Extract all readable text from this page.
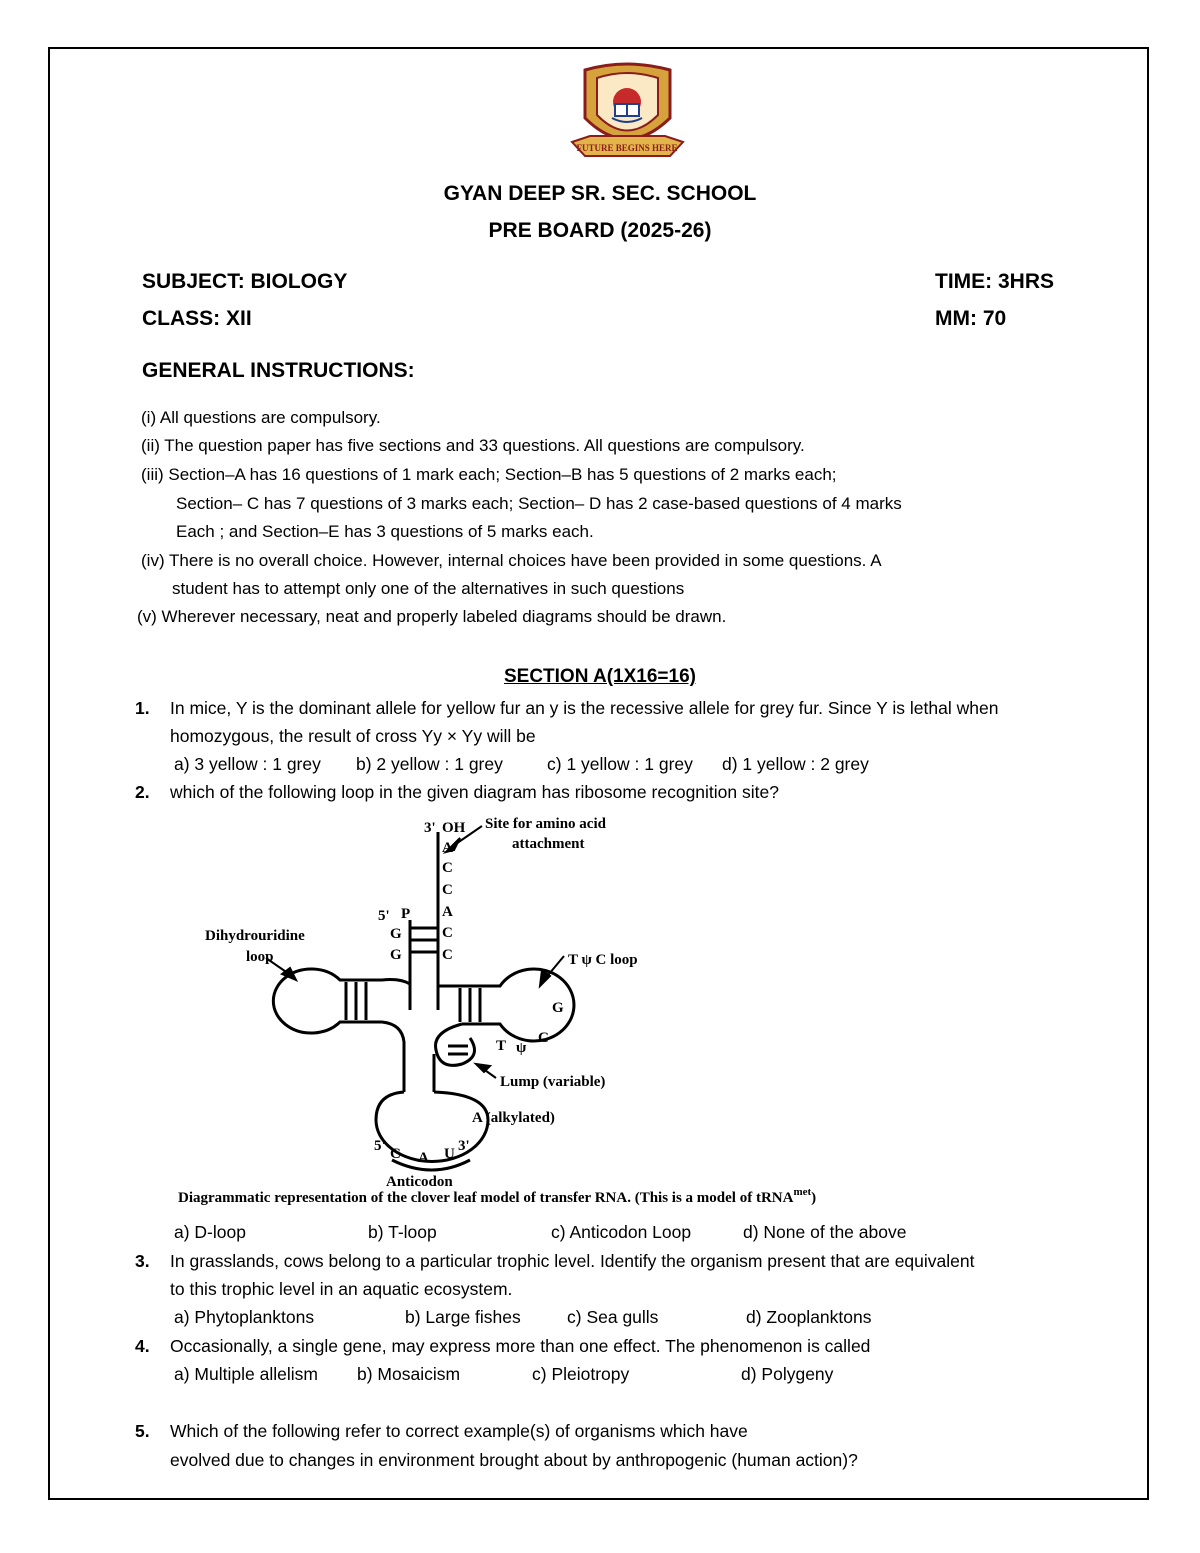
FUTURE BEGINS HERE
GYAN DEEP SR. SEC. SCHOOL
PRE BOARD (2025-26)
SUBJECT: BIOLOGY	TIME: 3HRS
CLASS: XII	MM: 70
GENERAL INSTRUCTIONS:
(i) All questions are compulsory.
(ii) The question paper has five sections and 33 questions. All questions are compulsory.
(iii) Section–A has 16 questions of 1 mark each; Section–B has 5 questions of 2 marks each;
Section– C has 7 questions of 3 marks each; Section– D has 2 case-based questions of 4 marks
Each ; and Section–E has 3 questions of 5 marks each.
(iv) There is no overall choice. However, internal choices have been provided in some questions. A
student has to attempt only one of the alternatives in such questions
(v) Wherever necessary, neat and properly labeled diagrams should be drawn.
SECTION A(1X16=16)
1. In mice, Y is the dominant allele for yellow fur an y is the recessive allele for grey fur. Since Y is lethal when
homozygous, the result of cross Yy × Yy will be
a) 3 yellow : 1 grey b) 2 yellow : 1 grey	c) 1 yellow : 1 grey d) 1 yellow : 2 grey
2. which of the following loop in the given diagram has ribosome recognition site?
3' OH
A
C
C
A
C
C
5' P
G
G
Site for amino acid
attachment
Dihydrouridine
loop	T ψ C loop
G
C
T ψ
Lump (variable)
A (alkylated)
5'	3'
C A U
Anticodon
Diagrammatic representation of the clover leaf model of transfer RNA. (This is a model of tRNA$^{met}$)
a) D-loop	b) T-loop	c) Anticodon Loop	d) None of the above
3. In grasslands, cows belong to a particular trophic level. Identify the organism present that are equivalent
to this trophic level in an aquatic ecosystem.
a) Phytoplanktons	b) Large fishes	c) Sea gulls	d) Zooplanktons
4. Occasionally, a single gene, may express more than one effect. The phenomenon is called
a) Multiple allelism b) Mosaicism	c) Pleiotropy	d) Polygeny
5. Which of the following refer to correct example(s) of organisms which have
evolved due to changes in environment brought about by anthropogenic (human action)?
